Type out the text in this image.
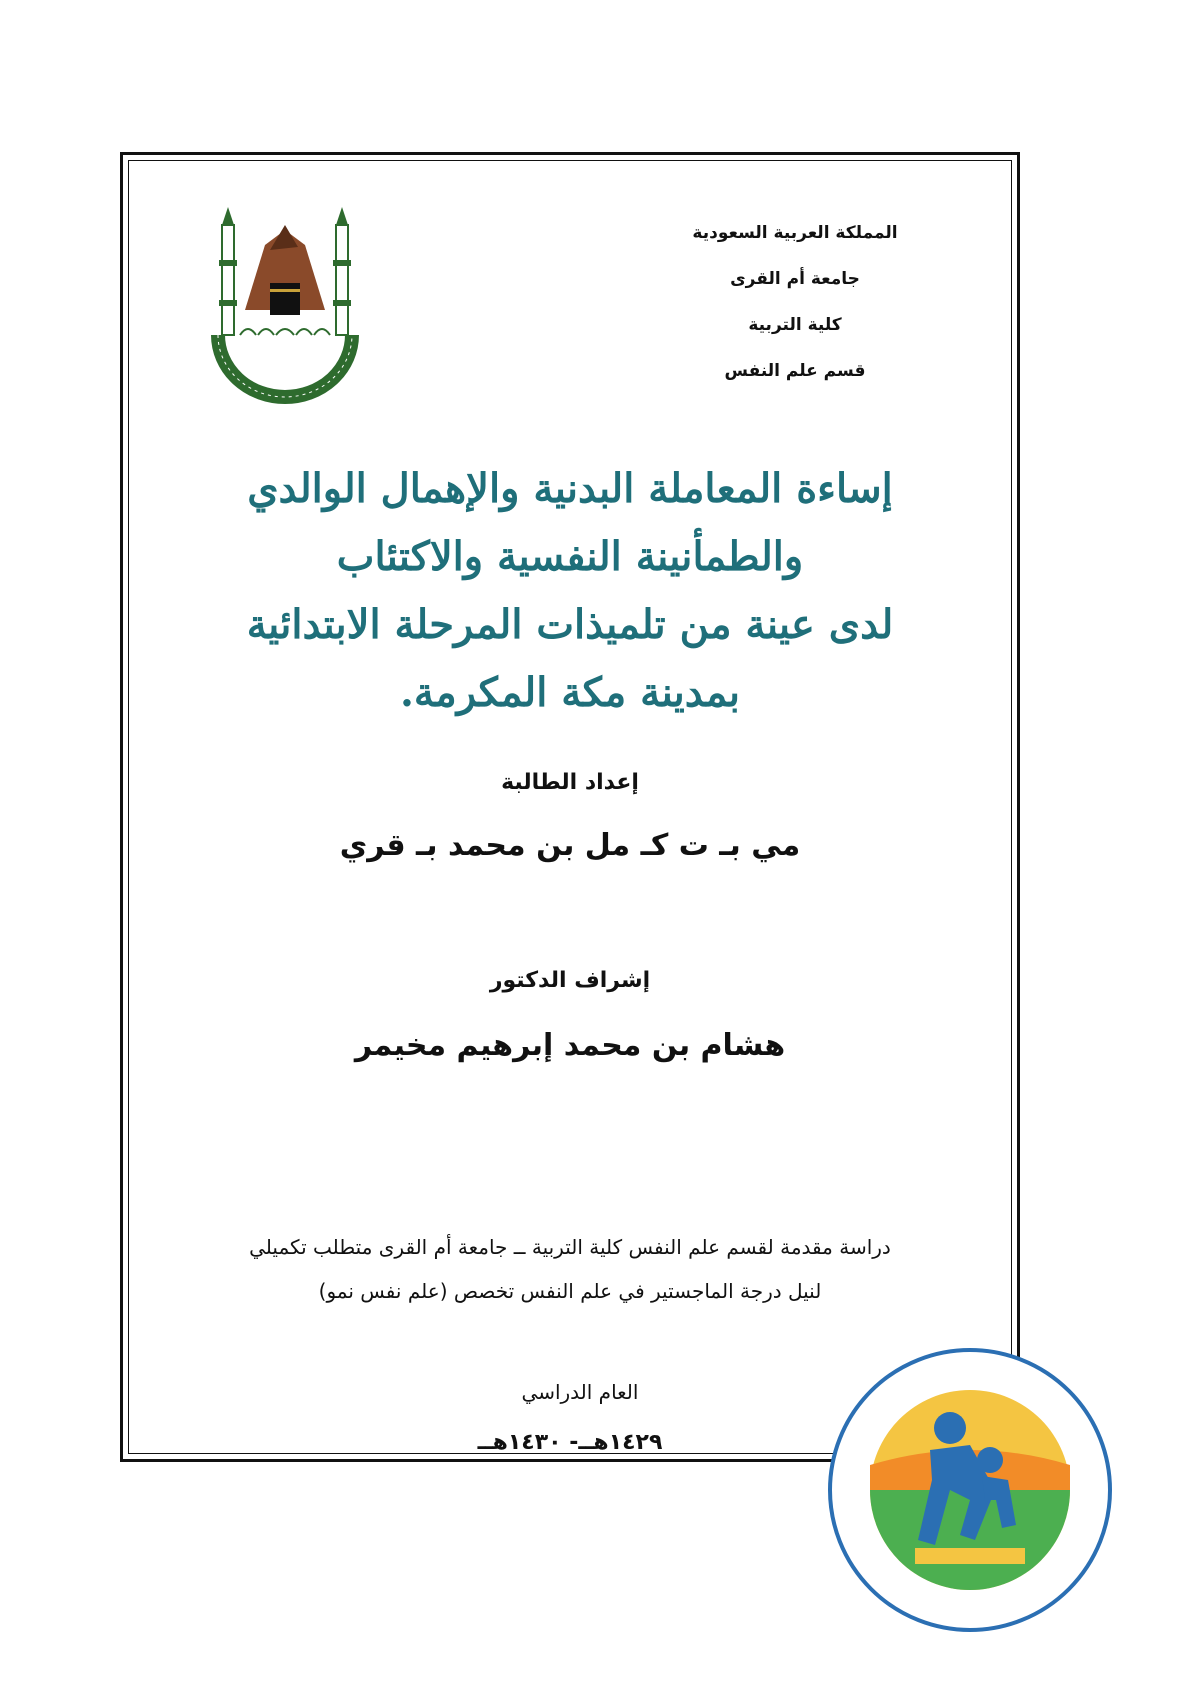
المملكة العربية السعودية
جامعة أم القرى
كلية التربية
قسم علم النفس
إساءة المعاملة البدنية والإهمال الوالدي
والطمأنينة النفسية والاكتئاب
لدى عينة من تلميذات المرحلة الابتدائية
بمدينة مكة المكرمة.
إعداد الطالبة
مي بـ ت كـ مل بن محمد بـ قري
إشراف الدكتور
هشام بن محمد إبرهيم مخيمر
دراسة مقدمة لقسم علم النفس كلية التربية ــ جامعة أم القرى متطلب تكميلي
لنيل درجة الماجستير في علم النفس تخصص (علم نفس نمو)
العام الدراسي
١٤٢٩هــ- ١٤٣٠هــ
